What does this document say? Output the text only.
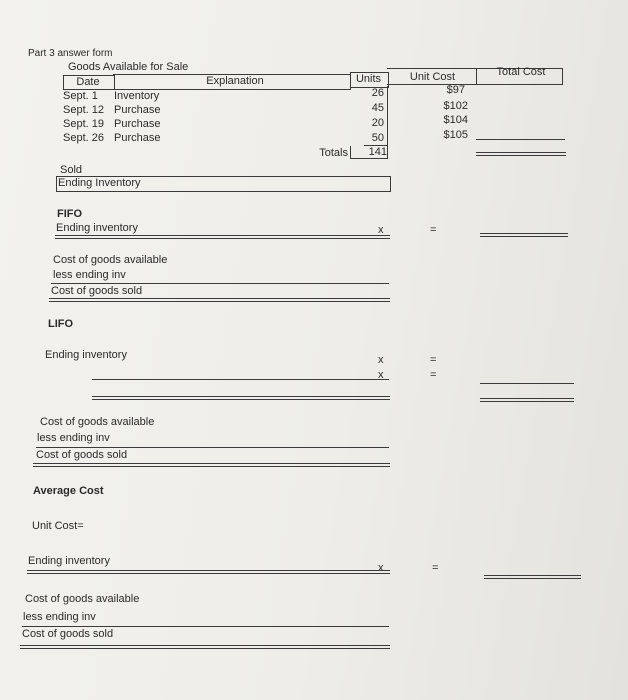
Part 3 answer form
Goods Available for Sale
Date	Explanation	Units	Unit Cost	Total Cost
Sept. 1 Inventory	26	$97
Sept. 12 Purchase	45	$102
Sept. 19 Purchase	20	$104
Sept. 26 Purchase	50	$105
Totals	141
Sold
Ending Inventory
FIFO
Ending inventory	x	=
Cost of goods available
less ending inv
Cost of goods sold
LIFO
Ending inventory	x	=
x	=
Cost of goods available
less ending inv
Cost of goods sold
Average Cost
Unit Cost=
Ending inventory
x	=
Cost of goods available
less ending inv
Cost of goods sold
